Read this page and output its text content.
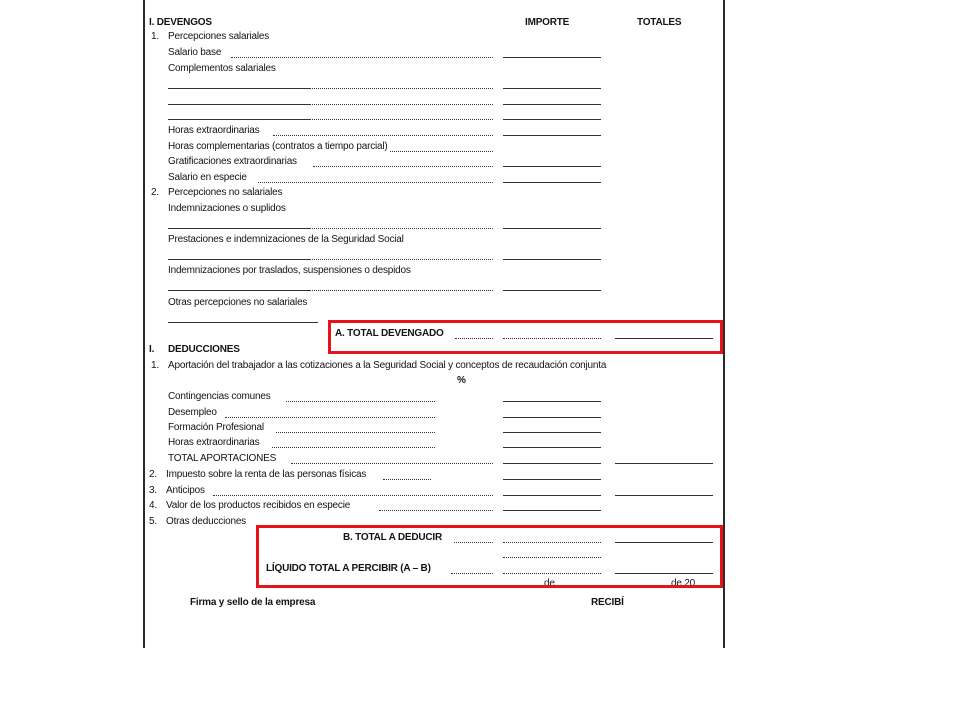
I. DEVENGOS	IMPORTE	TOTALES
1. Percepciones salariales
Salario base
Complementos salariales
Horas extraordinarias
Horas complementarias (contratos a tiempo parcial)
Gratificaciones extraordinarias
Salario en especie
2. Percepciones no salariales
Indemnizaciones o suplidos
Prestaciones e indemnizaciones de la Seguridad Social
Indemnizaciones por traslados, suspensiones o despidos
Otras percepciones no salariales
A. TOTAL DEVENGADO
I. DEDUCCIONES
1. Aportación del trabajador a las cotizaciones a la Seguridad Social y conceptos de recaudación conjunta
%
Contingencias comunes
Desempleo
Formación Profesional
Horas extraordinarias
TOTAL APORTACIONES
2. Impuesto sobre la renta de las personas físicas
3. Anticipos
4. Valor de los productos recibidos en especie
5. Otras deducciones
B. TOTAL A DEDUCIR
LÍQUIDO TOTAL A PERCIBIR (A – B)
de	de 20
Firma y sello de la empresa	RECIBÍ
